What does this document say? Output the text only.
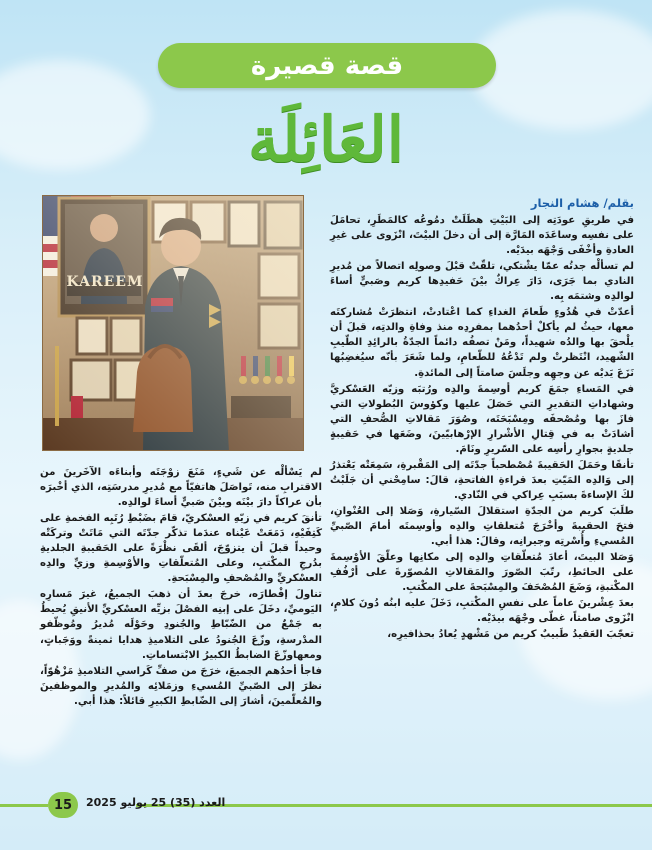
قصة قصيرة
العَائِلَة
KAREEM
بقلم/ هشام النجار

في طريقِ عودَتِه إلى البَيْتِ هطَلَتْ دمُوعُه كالمَطَرِ، تحامَلَ على نفسِه وساعَدَه المَارَّة إلى أن دخلَ البيْتَ، انْزَوى على غيرِ العادةِ وأخْفَى وَجْهَه بيدَيْه.

لم تسألْه جدتُه عمّا يشْتكي، تلقّتْ قبْلَ وصولِه اتصالاً من مُديرِ النادي بما جَرَى، دَارَ عِراكٌ بيْنَ حَفيدِها كريم وصَبيٍّ أساءَ لوالدِه وشتمَه بِه.

أعدّتْ في هُدُوءٍ طَعامَ الغداءِ كما اعْتادتْ، انتظرَتْ مُشاركتَه معها، حيثُ لم يأكلْ أحدُهما بمفردِه منذ وفاةِ والدتِه، قبلَ أن يلْحقَ بها والدُه شهيداً، ومَنْ تصفُه دائماً الجدّةُ بالرائِدِ الطّيبِ الشّهيد، انْتَظرتْ ولم تَدْعُهُ للطّعامِ، ولما شَعَرَ بأنّه سيُغضِبُها نَزَعَ يَديْه عن وجهِه وجلَسَ صامتاً إلى المائدةِ.

في المَساءِ جمَعَ كريم أوسِمةَ والدِه ورُتبَه وزيّه العَسْكريَّ وشهاداتِ التقديرِ التي حَصَلَ عليها وكؤوسَ البُطولاتِ التي فازَ بها ومُصْحفَه ومِسْبَحَتَه، وصُوَرَ مَقالاتِ الصُّحفِ التي أشادَتْ به في قِتالِ الأشْرارِ الإرْهابيّينَ، وضَعَها في حَقيبةٍ جلديةٍ بجوارِ رأسِه على السّريرِ ونَامَ.

تأنقَا وحَمَلَ الحَقيبةَ مُصْطحباً جدّتَه إلى المَقْبرةِ، سَمِعَتْه يَعْتذرُ إلى وَالدِه المَيّتِ بعدَ قراءةِ الفاتحةِ، قالَ: سامِحْني أن جَلَبْتُ لكَ الإساءةَ بسبَبِ عِراكي في النّادي.

طلَبَ كريم من الجدّةِ استقلالَ السّيارةِ، وَصَلا إلى العُنْوانِ، فتحَ الحقيبةَ وأخْرَجَ مُتعلقاتِ والدِه وأوسِمتَه أمامَ الصّبيِّ المُسيءِ وأُسْرتِه وجيرانِه، وقالَ: هذا أبي.

وَصَلا البيتَ، أعادَ مُتعلّقاتِ والدِه إلى مكانِها وعلّقَ الأوْسِمةَ على الحائطِ، رتّبَ الصّورَ والمَقالاتِ المُصوّرةَ على أرْفُفِ المكْتبةِ، وَضَعَ المُصْحَفَ والمِسْبَحةَ على المكْتبِ.

بعدَ عِشْرينَ عاماً على نفسِ المكْتبِ، دَخَلَ عليه ابنُه دُونَ كلامٍ، انْزَوى صامتاً، غطّى وجْهَه بيدَيْه.

تعجّبَ العَقيدُ طَبيبٌ كريم من مَشْهدٍ يُعادُ بحذافيرِه،

لم يَسْألْه عن شَيءٍ، مَنَعَ زوْجَتَه وأبناءَه الآخَرينَ من الاقترابِ منه، تَواصَلَ هاتفيّاً مع مُديرِ مدرسَتِه، الذي أخْبرَه بأن عراكاً دارَ بيْنَه وبيْنَ صَبيٍّ أساءَ لوالدِه.

تأنقَ كريم في زيّهِ العسْكريّ، قامَ بضَبْطِ رُتَبِه الفخمةِ على كَتِفَيْهِ، دَمَعَتْ عَيْناه عندَما تذكّر جدّتَه التي مَاتَتْ وتركَتْه وحيداً قبلَ أن يتزوّجَ، ألقَى نظْرَةً على الحَقيبةِ الجلديةِ بدُرجِ المكْتبِ، وعلى المُتعلّقاتِ والأوْسِمةِ وزيِّ والدِه العسْكريِّ والمُصْحفِ والمِسْبَحةِ.

تناولَ إفْطارَه، خرجَ بعدَ أن ذهبَ الجميعُ، غيرَ مَسارِه اليَوميِّ، دخَلَ على إبنِه الفصْلَ بزيِّه العسْكريِّ الأنيقِ يُحيطُ به جَمْعٌ من الضّبّاطِ والجُنودِ وحَوْلَه مُديرُ ومُوظّفو المدْرسةِ، وزّعَ الجُنودُ على التلاميذِ هدايا ثمينةً ووَجَباتٍ، ومعهاوزّعَ الضابطُ الكبيرُ الابْتساماتِ.

فاجأ أحدُهم الجميعَ، خرَجَ من صفِّ كَراسي التلاميذِ مَزْهُوّاً، نظرَ إلى الصّبيِّ المُسيءِ وزمَلائِه والمُديرِ والموظفينَ والمُعلّمينَ، أشارَ إلى الضّابطِ الكبيرِ قائلاً: هذا أبي.

15	العدد (35) 25 يوليو 2025
